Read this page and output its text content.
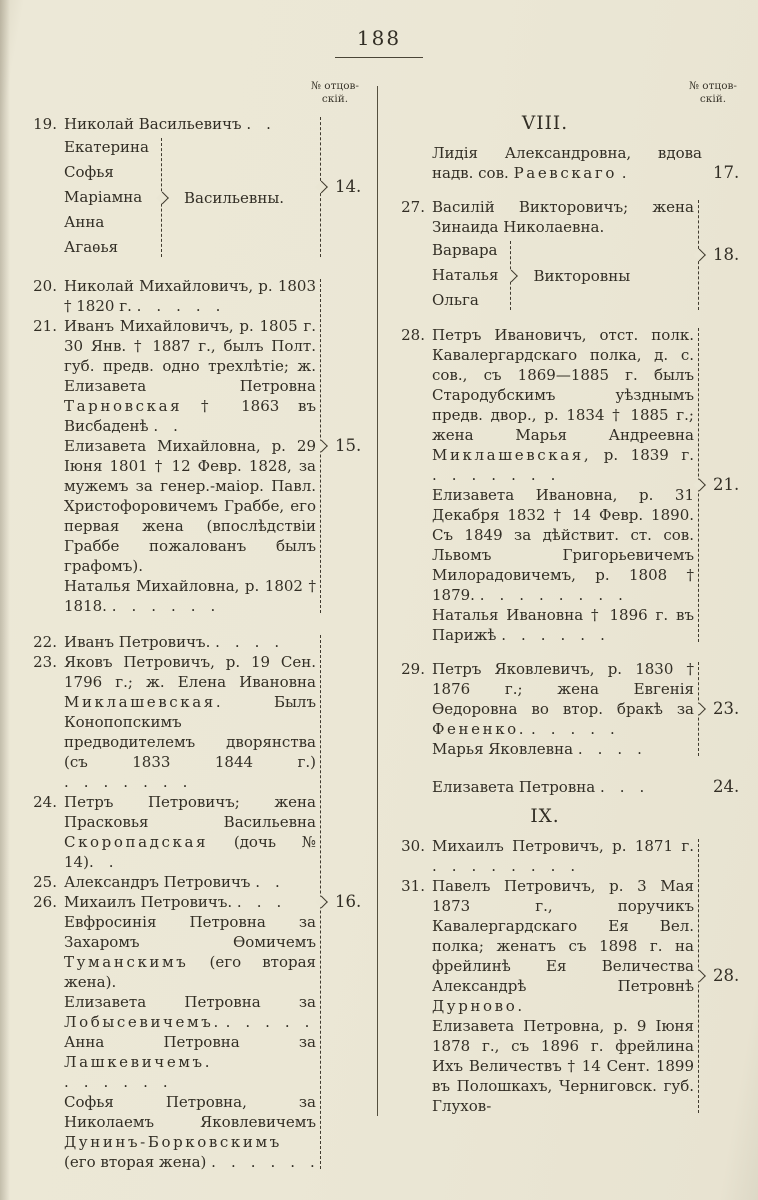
188
№ отцов-
скій.
19. Николай Васильевичъ . .

Екатерина
Софья
Маріамна
Анна
Агаѳья
Васильевны.
14.
20. Николай Михайловичъ, р. 1803 † 1820 г. . . . . .

21. Иванъ Михайловичъ, р. 1805 г. 30 Янв. † 1887 г., былъ Полт. губ. предв. одно трехлѣтіе; ж. Елизавета Петровна Тарновская † 1863 въ Висбаденѣ . .

Елизавета Михайловна, р. 29 Іюня 1801 † 12 Февр. 1828, за мужемъ за генер.-маіор. Павл. Христофоровичемъ Граббе, его первая жена (впослѣдствіи Граббе пожалованъ былъ графомъ).

Наталья Михайловна, р. 1802 † 1818. . . . . . .

15.
22. Иванъ Петровичъ. . . . .

23. Яковъ Петровичъ, р. 19 Сен. 1796 г.; ж. Елена Ивановна Миклашевская. Былъ Конопопскимъ предводителемъ дворянства (съ 1833 1844 г.) . . . . . . .

24. Петръ Петровичъ; жена Прасковья Васильевна Скоропадская (дочь № 14). .

25. Александръ Петровичъ . .

26. Михаилъ Петровичъ. . . .

Евфросинія Петровна за Захаромъ Ѳомичемъ Туманскимъ (его вторая жена).

Елизавета Петровна за Лобысевичемъ. . . . . .

Анна Петровна за Лашкевичемъ. . . . . . .

Софья Петровна, за Николаемъ Яковлевичемъ Дунинъ-Борковскимъ (его вторая жена) . . . . . .

16.
№ отцов-
скій.
VIII.

Лидія Александровна, вдова надв. сов. Раевскаго .	17.
27. Василій Викторовичъ; жена Зинаида Николаевна.

Варвара
Наталья
Ольга
Викторовны
18.
28. Петръ Ивановичъ, отст. полк. Кавалергардскаго полка, д. с. сов., съ 1869—1885 г. былъ Стародубскимъ уѣзднымъ предв. двор., р. 1834 † 1885 г.; жена Марья Андреевна Миклашевская, р. 1839 г. . . . . . . .

Елизавета Ивановна, р. 31 Декабря 1832 † 14 Февр. 1890. Съ 1849 за дѣйствит. ст. сов. Львомъ Григорьевичемъ Милорадовичемъ, р. 1808 † 1879. . . . . . . . .

Наталья Ивановна † 1896 г. въ Парижѣ . . . . . .

21.
29. Петръ Яковлевичъ, р. 1830 † 1876 г.; жена Евгенія Ѳедоровна во втор. бракѣ за Фененко. . . . . .

Марья Яковлевна . . . .

23.

Елизавета Петровна . . .	24.
IX.
30. Михаилъ Петровичъ, р. 1871 г. . . . . . . . .

31. Павелъ Петровичъ, р. 3 Мая 1873 г., поручикъ Кавалергардскаго Ея Вел. полка; женатъ съ 1898 г. на фрейлинѣ Ея Величества Александрѣ Петровнѣ Дурново.

Елизавета Петровна, р. 9 Іюня 1878 г., съ 1896 г. фрейлина Ихъ Величествъ † 14 Сент. 1899 въ Полошкахъ, Черниговск. губ. Глухов-

28.
